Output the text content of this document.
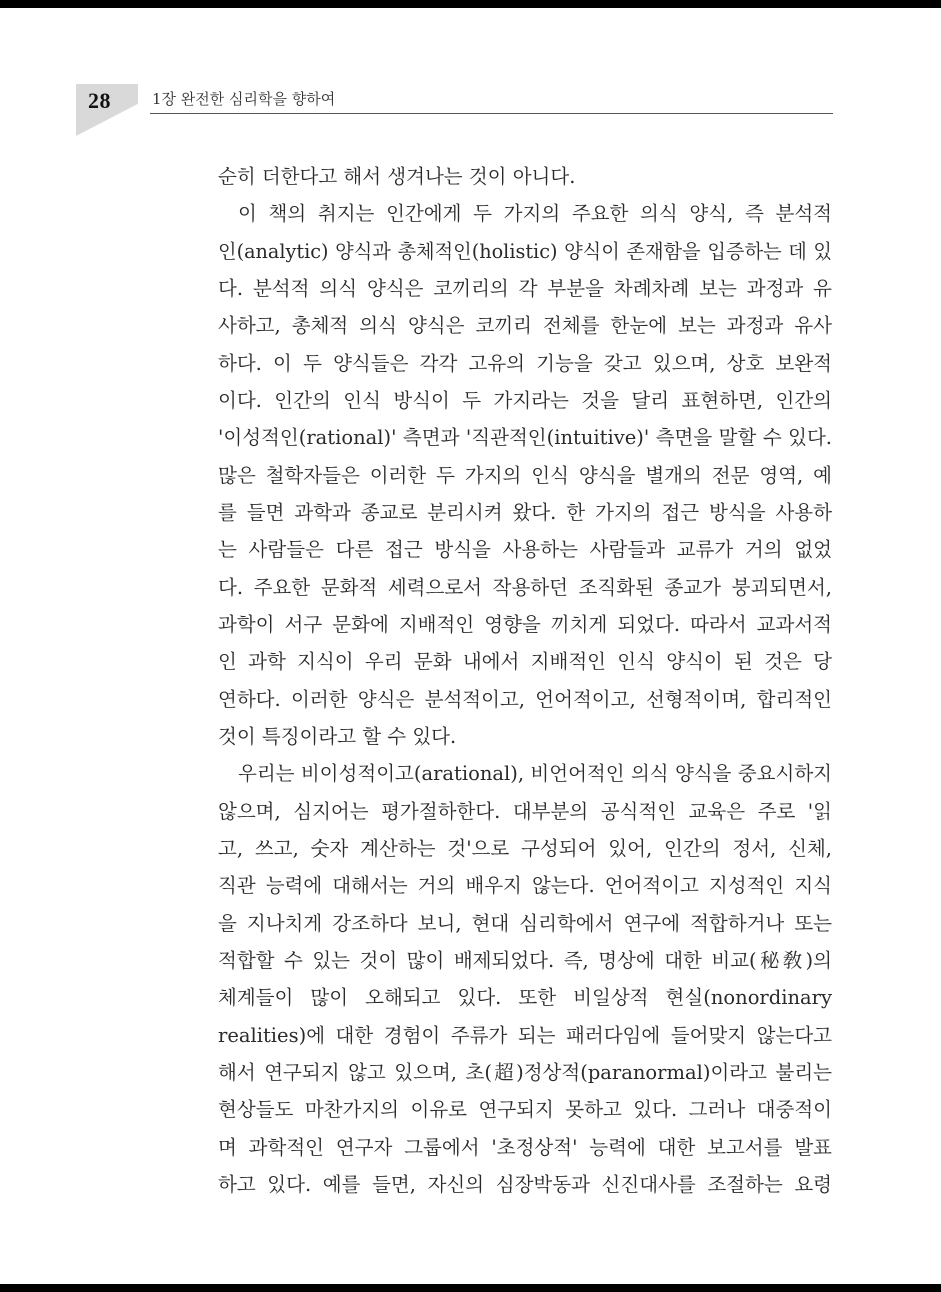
28	1장 완전한 심리학을 향하여
순히 더한다고 해서 생겨나는 것이 아니다.
이 책의 취지는 인간에게 두 가지의 주요한 의식 양식, 즉 분석적
인(analytic) 양식과 총체적인(holistic) 양식이 존재함을 입증하는 데 있
다. 분석적 의식 양식은 코끼리의 각 부분을 차례차례 보는 과정과 유
사하고, 총체적 의식 양식은 코끼리 전체를 한눈에 보는 과정과 유사
하다. 이 두 양식들은 각각 고유의 기능을 갖고 있으며, 상호 보완적
이다. 인간의 인식 방식이 두 가지라는 것을 달리 표현하면, 인간의
'이성적인(rational)' 측면과 '직관적인(intuitive)' 측면을 말할 수 있다.
많은 철학자들은 이러한 두 가지의 인식 양식을 별개의 전문 영역, 예
를 들면 과학과 종교로 분리시켜 왔다. 한 가지의 접근 방식을 사용하
는 사람들은 다른 접근 방식을 사용하는 사람들과 교류가 거의 없었
다. 주요한 문화적 세력으로서 작용하던 조직화된 종교가 붕괴되면서,
과학이 서구 문화에 지배적인 영향을 끼치게 되었다. 따라서 교과서적
인 과학 지식이 우리 문화 내에서 지배적인 인식 양식이 된 것은 당
연하다. 이러한 양식은 분석적이고, 언어적이고, 선형적이며, 합리적인
것이 특징이라고 할 수 있다.
우리는 비이성적이고(arational), 비언어적인 의식 양식을 중요시하지
않으며, 심지어는 평가절하한다. 대부분의 공식적인 교육은 주로 '읽
고, 쓰고, 숫자 계산하는 것'으로 구성되어 있어, 인간의 정서, 신체,
직관 능력에 대해서는 거의 배우지 않는다. 언어적이고 지성적인 지식
을 지나치게 강조하다 보니, 현대 심리학에서 연구에 적합하거나 또는
적합할 수 있는 것이 많이 배제되었다. 즉, 명상에 대한 비교(秘敎)의
체계들이 많이 오해되고 있다. 또한 비일상적 현실(nonordinary
realities)에 대한 경험이 주류가 되는 패러다임에 들어맞지 않는다고
해서 연구되지 않고 있으며, 초(超)정상적(paranormal)이라고 불리는
현상들도 마찬가지의 이유로 연구되지 못하고 있다. 그러나 대중적이
며 과학적인 연구자 그룹에서 '초정상적' 능력에 대한 보고서를 발표
하고 있다. 예를 들면, 자신의 심장박동과 신진대사를 조절하는 요령
